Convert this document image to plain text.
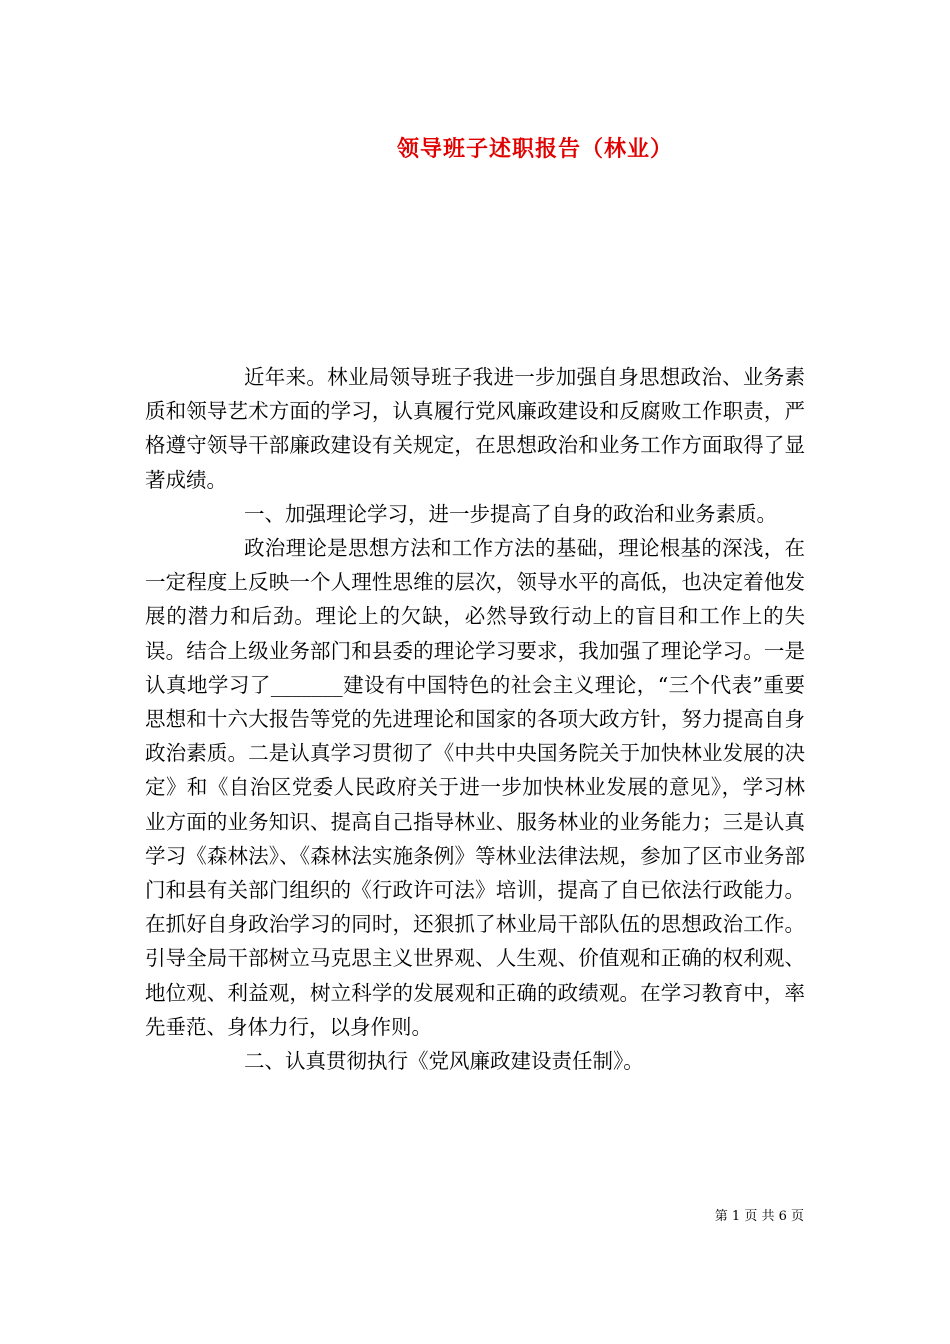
领导班子述职报告（林业）

近年来。林业局领导班子我进一步加强自身思想政治、业务素质和领导艺术方面的学习，认真履行党风廉政建设和反腐败工作职责，严格遵守领导干部廉政建设有关规定，在思想政治和业务工作方面取得了显著成绩。

一、加强理论学习，进一步提高了自身的政治和业务素质。

政治理论是思想方法和工作方法的基础，理论根基的深浅，在一定程度上反映一个人理性思维的层次，领导水平的高低，也决定着他发展的潜力和后劲。理论上的欠缺，必然导致行动上的盲目和工作上的失误。结合上级业务部门和县委的理论学习要求，我加强了理论学习。一是认真地学习了_______建设有中国特色的社会主义理论，“三个代表”重要思想和十六大报告等党的先进理论和国家的各项大政方针，努力提高自身政治素质。二是认真学习贯彻了《中共中央国务院关于加快林业发展的决定》和《自治区党委人民政府关于进一步加快林业发展的意见》，学习林业方面的业务知识、提高自己指导林业、服务林业的业务能力；三是认真学习《森林法》、《森林法实施条例》等林业法律法规，参加了区市业务部门和县有关部门组织的《行政许可法》培训，提高了自已依法行政能力。在抓好自身政治学习的同时，还狠抓了林业局干部队伍的思想政治工作。引导全局干部树立马克思主义世界观、人生观、价值观和正确的权利观、地位观、利益观，树立科学的发展观和正确的政绩观。在学习教育中，率先垂范、身体力行，以身作则。

二、认真贯彻执行《党风廉政建设责任制》。

第 1 页 共 6 页
